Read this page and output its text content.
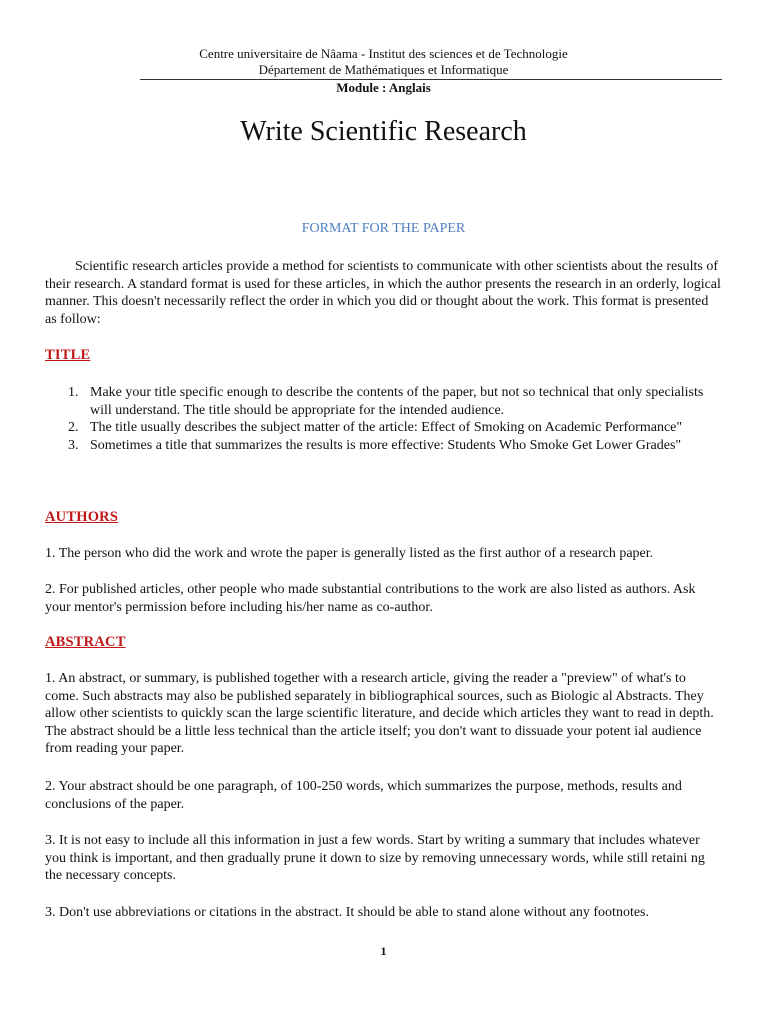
Centre universitaire de Nâama - Institut des sciences et de Technologie
Département de Mathématiques et Informatique
Module : Anglais
Write Scientific Research
FORMAT FOR THE PAPER
Scientific research articles provide a method for scientists to communicate with other scientists about the results of their research. A standard format is used for these articles, in which the author presents the research in an orderly, logical manner. This doesn't necessarily reflect the order in which you did or thought about the work. This format is presented as follow:
TITLE
1. Make your title specific enough to describe the contents of the paper, but not so technical that only specialists will understand. The title should be appropriate for the intended audience.
2. The title usually describes the subject matter of the article: Effect of Smoking on Academic Performance"
3. Sometimes a title that summarizes the results is more effective: Students Who Smoke Get Lower Grades"
AUTHORS
1. The person who did the work and wrote the paper is generally listed as the first author of a research paper.
2. For published articles, other people who made substantial contributions to the work are also listed as authors. Ask your mentor's permission before including his/her name as co-author.
ABSTRACT
1. An abstract, or summary, is published together with a research article, giving the reader a "preview" of what's to come. Such abstracts may also be published separately in bibliographical sources, such as Biologic al Abstracts. They allow other scientists to quickly scan the large scientific literature, and decide which articles they want to read in depth. The abstract should be a little less technical than the article itself; you don't want to dissuade your potent ial audience from reading your paper.
2. Your abstract should be one paragraph, of 100-250 words, which summarizes the purpose, methods, results and conclusions of the paper.
3. It is not easy to include all this information in just a few words. Start by writing a summary that includes whatever you think is important, and then gradually prune it down to size by removing unnecessary words, while still retaini ng the necessary concepts.
3. Don't use abbreviations or citations in the abstract. It should be able to stand alone without any footnotes.
1
